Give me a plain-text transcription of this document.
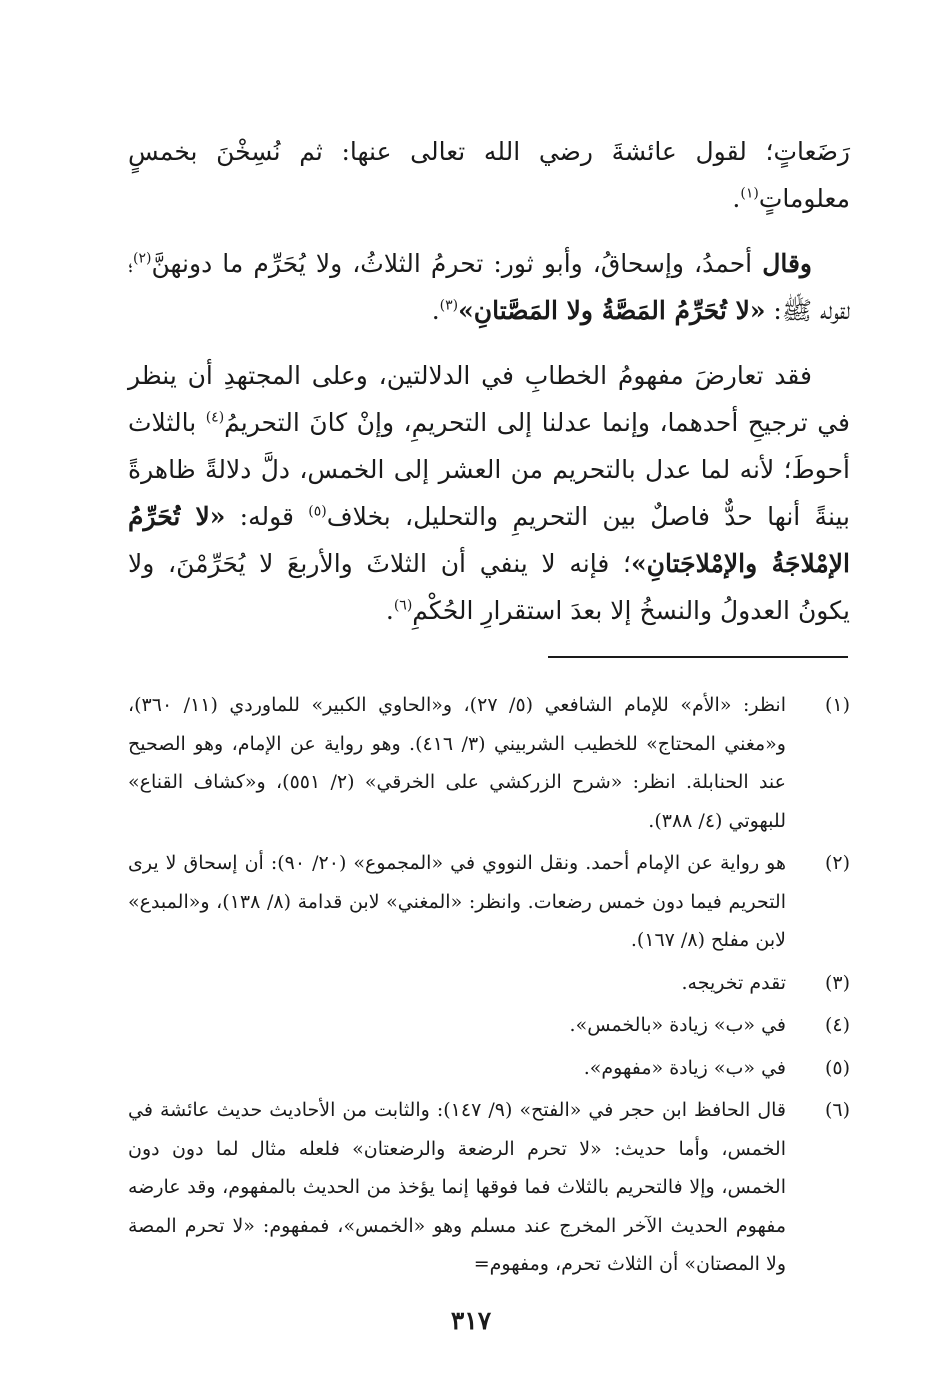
رَضَعاتٍ؛ لقول عائشةَ رضي الله تعالى عنها: ثم نُسِخْنَ بخمسٍ معلوماتٍ$^{(١)}$.

وقال أحمدُ، وإسحاقُ، وأبو ثور: تحرمُ الثلاثُ، ولا يُحَرِّم ما دونهنَّ$^{(٢)}$؛ لقوله ﷺ: «لا تُحَرِّمُ المَصَّةُ ولا المَصَّتانِ»$^{(٣)}$.

فقد تعارضَ مفهومُ الخطابِ في الدلالتين، وعلى المجتهدِ أن ينظر في ترجيحِ أحدهما، وإنما عدلنا إلى التحريمِ، وإنْ كانَ التحريمُ$^{(٤)}$ بالثلاث أحوطَ؛ لأنه لما عدل بالتحريم من العشر إلى الخمس، دلَّ دلالةً ظاهرةً بينةً أنها حدٌّ فاصلٌ بين التحريمِ والتحليل، بخلاف$^{(٥)}$ قوله: «لا تُحَرِّمُ الإمْلاجَةُ والإمْلاجَتانِ»؛ فإنه لا ينفي أن الثلاثَ والأربعَ لا يُحَرِّمْنَ، ولا يكونُ العدولُ والنسخُ إلا بعدَ استقرارِ الحُكْمِ$^{(٦)}$.

(١)
انظر: «الأم» للإمام الشافعي (٥/ ٢٧)، و«الحاوي الكبير» للماوردي (١١/ ٣٦٠)، و«مغني المحتاج» للخطيب الشربيني (٣/ ٤١٦). وهو رواية عن الإمام، وهو الصحيح عند الحنابلة. انظر: «شرح الزركشي على الخرقي» (٢/ ٥٥١)، و«كشاف القناع» للبهوتي (٤/ ٣٨٨).
(٢)
هو رواية عن الإمام أحمد. ونقل النووي في «المجموع» (٢٠/ ٩٠): أن إسحاق لا يرى التحريم فيما دون خمس رضعات. وانظر: «المغني» لابن قدامة (٨/ ١٣٨)، و«المبدع» لابن مفلح (٨/ ١٦٧).
(٣)
تقدم تخريجه.
(٤)
في «ب» زيادة «بالخمس».
(٥)
في «ب» زيادة «مفهوم».
(٦)
قال الحافظ ابن حجر في «الفتح» (٩/ ١٤٧): والثابت من الأحاديث حديث عائشة في الخمس، وأما حديث: «لا تحرم الرضعة والرضعتان» فلعله مثال لما دون دون الخمس، وإلا فالتحريم بالثلاث فما فوقها إنما يؤخذ من الحديث بالمفهوم، وقد عارضه مفهوم الحديث الآخر المخرج عند مسلم وهو «الخمس»، فمفهوم: «لا تحرم المصة ولا المصتان» أن الثلاث تحرم، ومفهوم=
٣١٧
